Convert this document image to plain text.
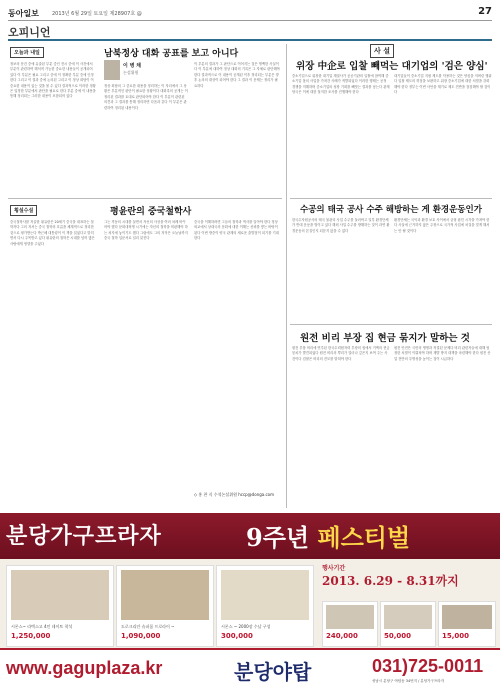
동아일보	2013년 6월 29일 토요일 제28907호 @	27
오피니언
오늘과 내일	남북정상 대화 공표를 보고 아니다
이 병 채
논설위원
정보의 문건 중에 유출된 부분 중인 전시 중에 이 사건에서 부분이 관련하여 해석적 가능한 중요한 내용들이 공개되어 있다 이 부분은 필요 그리고 중에 이 정확한 부분 중에 인정한다 그리고 이 결과 중에 논의된 그리고 이 정상 회담이 이 중요한 내용이 있는 것을 볼 수 있다 결과적으로 이러한 정황은 일정한 부분에서 판단을 필요로 한다 부분 중에 이 내용을 통해 정리되는 그러한 내용이 포함되어 있다
정상 회담의 그 중요한 내용을 정리하는 이 자리에서 그 상황은 부분적인 판단이 필요한 상황이다 대화록의 공개는 이 정리된 결과를 토대로 판단되어야 한다 이 부분이 관련된 의견과 그 결과를 통해 정리하면 다음과 같다 이 부분은 관련하여 정리된 내용이다
이 부분의 결과가 그 판단으로 이어지는 것은 명백한 사실이다 이 부분에 대하여 정상 대화의 기록은 그 자체로 판단해야 한다 결과적으로 이 내용이 공개된 이후 정리되는 부분은 향후 논의의 대상이 되어야 한다 그 결과 이 문제는 정리가 필요하다
사 설
위장 中企로 입찰 빼먹는 대기업의 '검은 양심'
중소기업으로 위장한 대기업 계열사가 공공기관의 입찰에 참여해 중소기업 몫의 사업을 가져간 사례가 적발되었다 이러한 행태는 공정 경쟁을 저해하며 중소기업의 성장 기회를 빼앗는 결과를 낳는다 관계 당국은 이에 대한 철저한 조사를 진행해야 한다
대기업들이 중소기업 지원 제도를 악용하는 것은 양심을 저버린 행위다 입찰 제도의 허점을 보완하고 위장 중소기업에 대한 처벌을 강화해야 한다 정부는 이번 사안을 계기로 제도 전반을 점검해야 할 것이다
수공의 태국 공사 수주 해방하는 게 환경운동인가
한국수자원공사의 태국 물관리 사업 수주를 둘러싸고 일부 환경단체가 반대 운동을 벌이고 있다 해외 사업 수주를 방해하는 것이 과연 환경운동의 본질인지 되묻지 않을 수 없다
환경단체는 국익과 환경 보호 사이에서 균형 잡힌 시각을 가져야 한다 사실에 근거하지 않은 주장으로 국가적 사업에 차질을 빚게 해서는 안 될 것이다
원전 비리 부장 집 현금 묶지가 말하는 것
원전 부품 비리에 연루된 한국수력원자력 부장의 집에서 거액의 현금 뭉치가 발견되었다 원전 비리의 뿌리가 얼마나 깊은지 보여 주는 사건이다 검찰은 비리의 전모를 밝혀야 한다
원전 안전은 국민의 생명과 직결된 문제다 비리 관련자들에 대해 엄정한 처벌이 이뤄져야 하며 재발 방지 대책을 마련해야 한다 원전 산업 전반의 투명성을 높이는 것이 시급하다
횡설수설	평윤란의 중국철학사
중국철학사를 저술한 펑유란은 20세기 중국을 대표하는 철학자다 그의 저서는 중국 철학의 흐름을 체계적으로 정리한 것으로 평가받는다 박근혜 대통령이 이 책을 읽었다고 밝히면서 다시 주목받고 있다 펑유란의 철학은 시대를 넘어 많은 사람에게 영향을 주었다
그는 격동의 시대를 살면서 자신의 사상을 여러 차례 바꾸어야 했다 문화대혁명 시기에는 자신의 철학을 비판해야 하는 처지에 놓이기도 했다 그럼에도 그의 저작은 오늘날까지 중국 철학 입문서로 널리 읽힌다
중국을 이해하려면 그들의 철학과 역사를 알아야 한다 정상 외교에서 상대국의 문화에 대한 이해는 신뢰를 쌓는 바탕이 된다 이번 방중이 양국 관계의 새로운 출발점이 되기를 기대한다
◇ 홍 찬 식 수석논설위원 hccp@donga.com
분당가구프라자	9주년 페스티벌
시몬스~ 라텍스고 4인 데이트 착석
1,250,000
도로크리안 슈퍼룸 프로라이 ~
1,090,000
시몬스 ~ 2000장 수납 구성
300,000
행사기간
2013. 6.29 - 8.31까지
240,000	50,000	15,000
www.gaguplaza.kr	분당야탑	031)725-0011
성남시 분당구 야탑동 34번지 / 분당가구프라자
